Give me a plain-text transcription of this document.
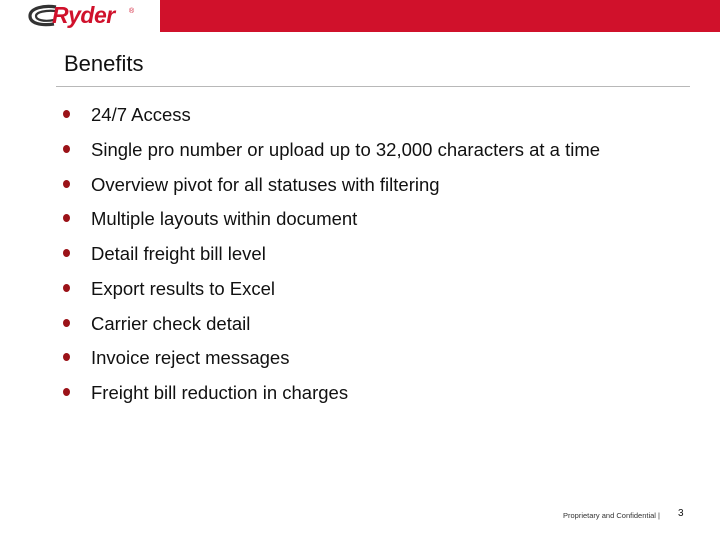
Ryder ®
Benefits
24/7 Access
Single pro number or upload up to 32,000 characters at a time
Overview pivot for all statuses with filtering
Multiple layouts within document
Detail freight bill level
Export results to Excel
Carrier check detail
Invoice reject messages
Freight bill reduction in charges
Proprietary and Confidential | 3
